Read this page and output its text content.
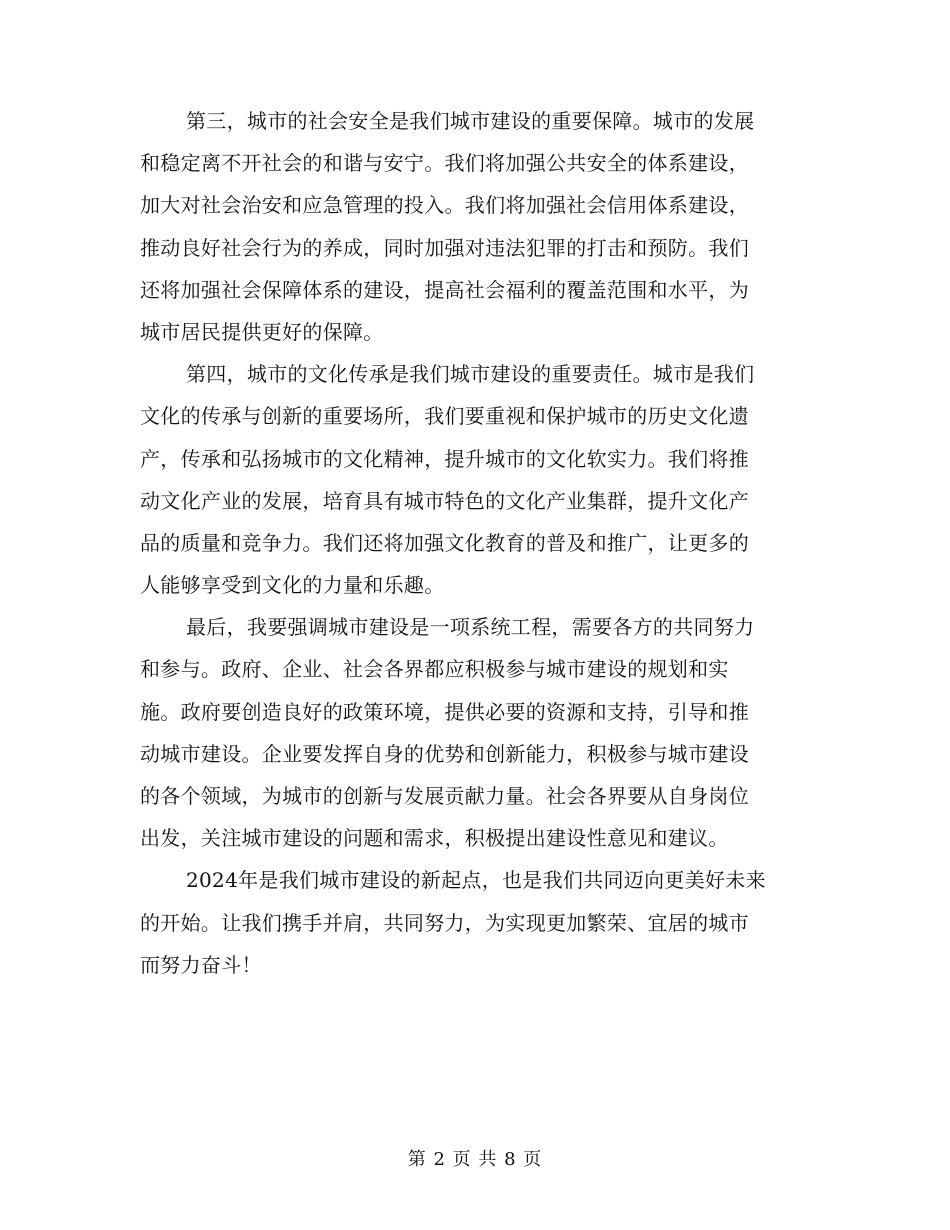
第三，城市的社会安全是我们城市建设的重要保障。城市的发展
和稳定离不开社会的和谐与安宁。我们将加强公共安全的体系建设，
加大对社会治安和应急管理的投入。我们将加强社会信用体系建设，
推动良好社会行为的养成，同时加强对违法犯罪的打击和预防。我们
还将加强社会保障体系的建设，提高社会福利的覆盖范围和水平，为
城市居民提供更好的保障。
第四，城市的文化传承是我们城市建设的重要责任。城市是我们
文化的传承与创新的重要场所，我们要重视和保护城市的历史文化遗
产，传承和弘扬城市的文化精神，提升城市的文化软实力。我们将推
动文化产业的发展，培育具有城市特色的文化产业集群，提升文化产
品的质量和竞争力。我们还将加强文化教育的普及和推广，让更多的
人能够享受到文化的力量和乐趣。
最后，我要强调城市建设是一项系统工程，需要各方的共同努力
和参与。政府、企业、社会各界都应积极参与城市建设的规划和实
施。政府要创造良好的政策环境，提供必要的资源和支持，引导和推
动城市建设。企业要发挥自身的优势和创新能力，积极参与城市建设
的各个领域，为城市的创新与发展贡献力量。社会各界要从自身岗位
出发，关注城市建设的问题和需求，积极提出建设性意见和建议。
2024年是我们城市建设的新起点，也是我们共同迈向更美好未来
的开始。让我们携手并肩，共同努力，为实现更加繁荣、宜居的城市
而努力奋斗！
第 2 页 共 8 页
